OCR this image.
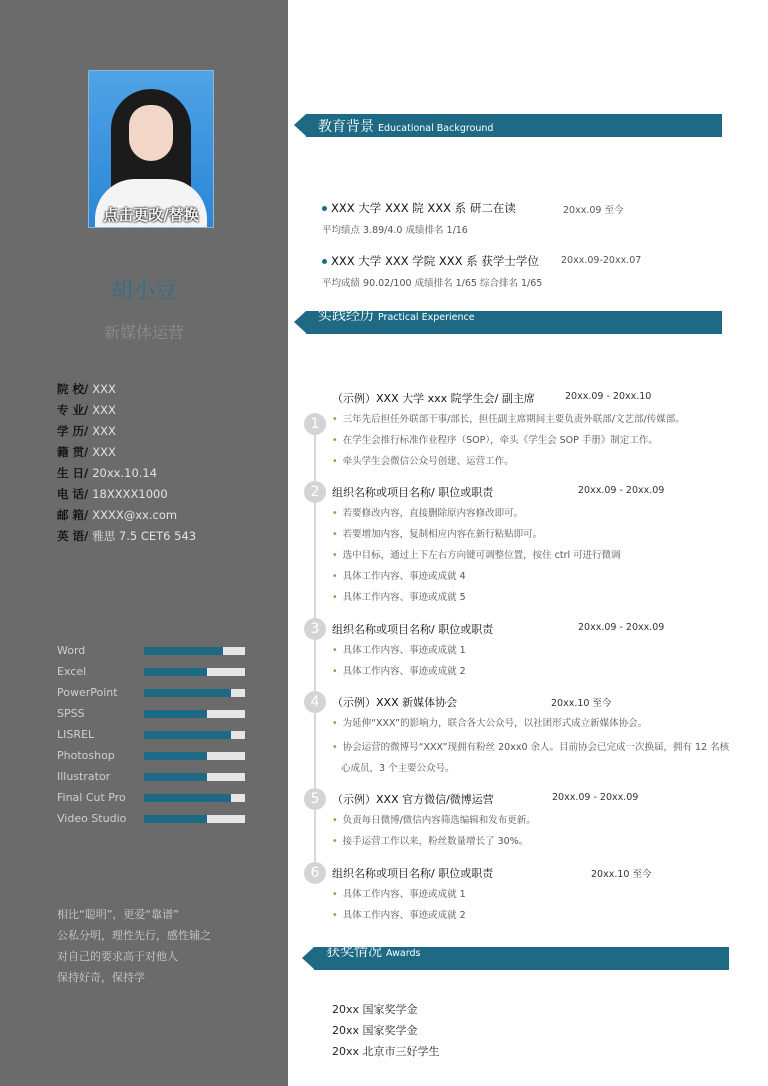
点击更改/替换
胡小豆
新媒体运营
院 校/ XXX
专 业/ XXX
学 历/ XXX
籍 贯/ XXX
生 日/ 20xx.10.14
电 话/ 18XXXX1000
邮 箱/ XXXX@xx.com
英 语/ 雅思 7.5 CET6 543
Word
Excel
PowerPoint
SPSS
LISREL
Photoshop
Illustrator
Final Cut Pro
Video Studio
相比“聪明”，更爱“靠谱”
公私分明，理性先行，感性辅之
对自己的要求高于对他人
保持好奇，保持学
教育背景 Educational Background
XXX 大学 XXX 院 XXX 系 研二在读	20xx.09 至今
平均绩点 3.89/4.0 成绩排名 1/16
XXX 大学 XXX 学院 XXX 系 获学士学位 20xx.09-20xx.07
平均成绩 90.02/100 成绩排名 1/65 综合排名 1/65
实践经历 Practical Experience
（示例）XXX 大学 xxx 院学生会/ 副主席	20xx.09 - 20xx.10
1	• 三年先后担任外联部干事/部长，担任副主席期间主要负责外联部/文艺部/传媒部。
• 在学生会推行标准作业程序（SOP），牵头《学生会 SOP 手册》制定工作。
• 牵头学生会微信公众号创建、运营工作。
2	组织名称或项目名称/ 职位或职责	20xx.09 - 20xx.09
• 若要修改内容，直接删除原内容修改即可。
• 若要增加内容，复制相应内容在新行粘贴即可。
• 选中目标，通过上下左右方向键可调整位置，按住 ctrl 可进行微调
• 具体工作内容、事迹或成就 4
• 具体工作内容、事迹或成就 5
3	组织名称或项目名称/ 职位或职责	20xx.09 - 20xx.09
• 具体工作内容、事迹或成就 1
• 具体工作内容、事迹或成就 2
4	（示例）XXX 新媒体协会	20xx.10 至今
• 为延伸“XXX”的影响力，联合各大公众号，以社团形式成立新媒体协会。
• 协会运营的微博号“XXX”现拥有粉丝 20xx0 余人。目前协会已完成一次换届，拥有 12 名核
心成员，3 个主要公众号。
5	（示例）XXX 官方微信/微博运营	20xx.09 - 20xx.09
• 负责每日微博/微信内容筛选编辑和发布更新。
• 接手运营工作以来，粉丝数量增长了 30%。
6	组织名称或项目名称/ 职位或职责	20xx.10 至今
• 具体工作内容、事迹或成就 1
• 具体工作内容、事迹或成就 2
获奖情况 Awards
20xx 国家奖学金
20xx 国家奖学金
20xx 北京市三好学生
